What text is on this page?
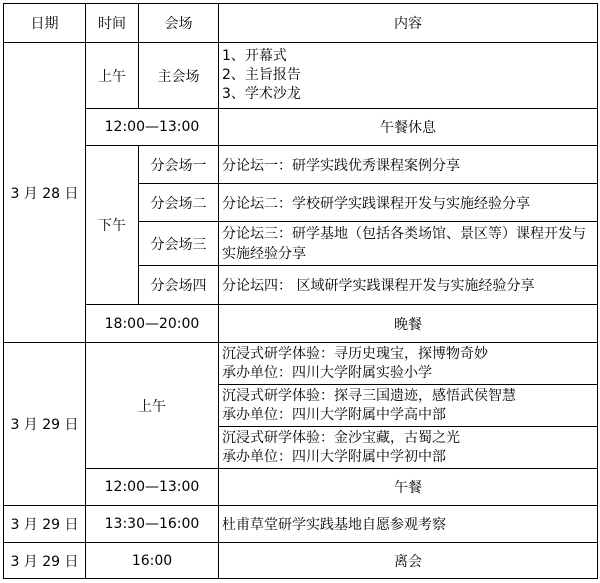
日期	时间	会场	内容
3 月 28 日	上午	主会场	1、开幕式
2、主旨报告
3、学术沙龙

	12:00—13:00		午餐休息
	下午	分会场一	分论坛一：研学实践优秀课程案例分享
		分会场二	分论坛二：学校研学实践课程开发与实施经验分享
		分会场三	分论坛三：研学基地（包括各类场馆、景区等）课程开发与实施经验分享
		分会场四	分论坛四： 区域研学实践课程开发与实施经验分享
	18:00—20:00		晚餐

3 月 29 日	上午		沉浸式研学体验：寻历史瑰宝，探博物奇妙
承办单位：四川大学附属实验小学

			沉浸式研学体验：探寻三国遗迹，感悟武侯智慧
承办单位：四川大学附属中学高中部

			沉浸式研学体验：金沙宝藏，古蜀之光
承办单位：四川大学附属中学初中部

	12:00—13:00		午餐
3 月 29 日	13:30—16:00		杜甫草堂研学实践基地自愿参观考察
3 月 29 日	16:00		离会
